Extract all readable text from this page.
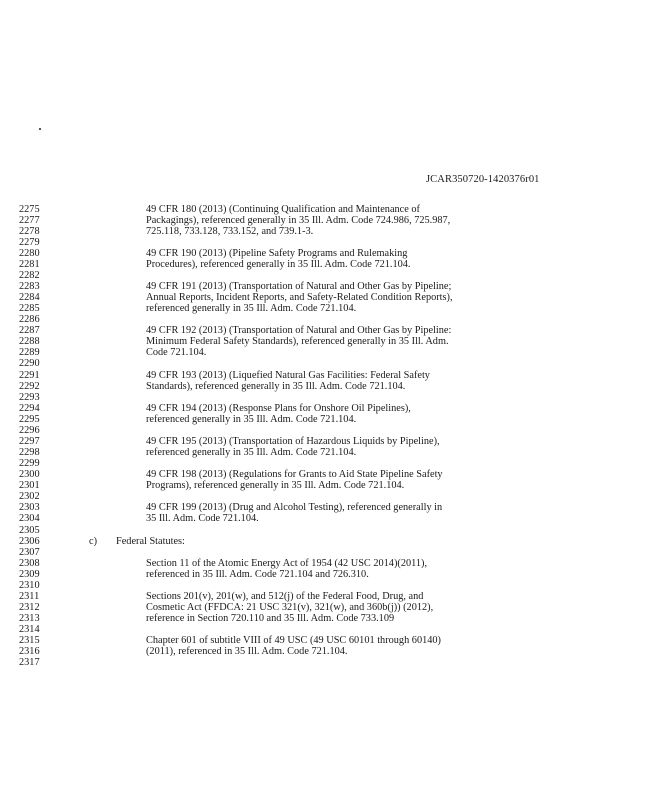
JCAR350720-1420376r01
2275	49 CFR 180 (2013) (Continuing Qualification and Maintenance of
2277	Packagings), referenced generally in 35 Ill. Adm. Code 724.986, 725.987,
2278	725.118, 733.128, 733.152, and 739.1-3.
2279
2280	49 CFR 190 (2013) (Pipeline Safety Programs and Rulemaking
2281	Procedures), referenced generally in 35 Ill. Adm. Code 721.104.
2282
2283	49 CFR 191 (2013) (Transportation of Natural and Other Gas by Pipeline;
2284	Annual Reports, Incident Reports, and Safety-Related Condition Reports),
2285	referenced generally in 35 Ill. Adm. Code 721.104.
2286
2287	49 CFR 192 (2013) (Transportation of Natural and Other Gas by Pipeline:
2288	Minimum Federal Safety Standards), referenced generally in 35 Ill. Adm.
2289	Code 721.104.
2290
2291	49 CFR 193 (2013) (Liquefied Natural Gas Facilities: Federal Safety
2292	Standards), referenced generally in 35 Ill. Adm. Code 721.104.
2293
2294	49 CFR 194 (2013) (Response Plans for Onshore Oil Pipelines),
2295	referenced generally in 35 Ill. Adm. Code 721.104.
2296
2297	49 CFR 195 (2013) (Transportation of Hazardous Liquids by Pipeline),
2298	referenced generally in 35 Ill. Adm. Code 721.104.
2299
2300	49 CFR 198 (2013) (Regulations for Grants to Aid State Pipeline Safety
2301	Programs), referenced generally in 35 Ill. Adm. Code 721.104.
2302
2303	49 CFR 199 (2013) (Drug and Alcohol Testing), referenced generally in
2304	35 Ill. Adm. Code 721.104.
2305
2306	c) Federal Statutes:
2307
2308	Section 11 of the Atomic Energy Act of 1954 (42 USC 2014)(2011),
2309	referenced in 35 Ill. Adm. Code 721.104 and 726.310.
2310
2311	Sections 201(v), 201(w), and 512(j) of the Federal Food, Drug, and
2312	Cosmetic Act (FFDCA: 21 USC 321(v), 321(w), and 360b(j)) (2012),
2313	reference in Section 720.110 and 35 Ill. Adm. Code 733.109
2314
2315	Chapter 601 of subtitle VIII of 49 USC (49 USC 60101 through 60140)
2316	(2011), referenced in 35 Ill. Adm. Code 721.104.
2317
